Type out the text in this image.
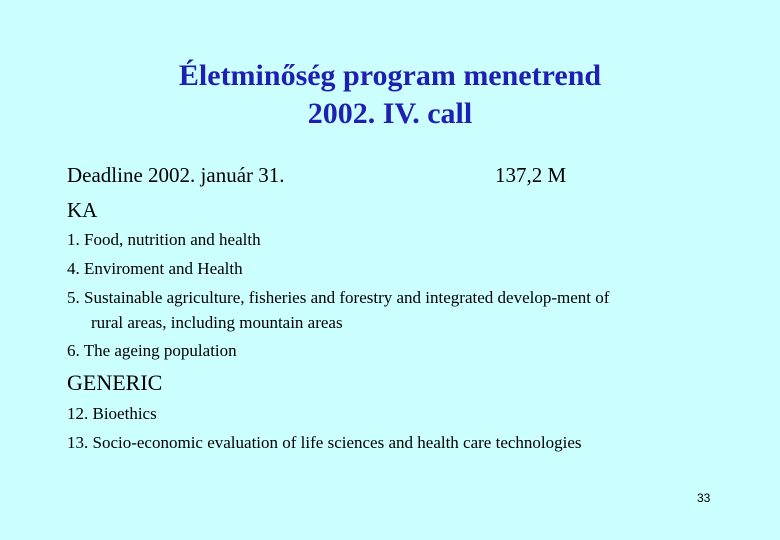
Életminőség program menetrend
2002. IV. call
Deadline 2002. január 31.	137,2 M
KA
1. Food, nutrition and health
4. Enviroment and Health
5. Sustainable agriculture, fisheries and forestry and integrated develop-ment of
rural areas, including mountain areas
6. The ageing population
GENERIC
12. Bioethics
13. Socio-economic evaluation of life sciences and health care technologies
33
